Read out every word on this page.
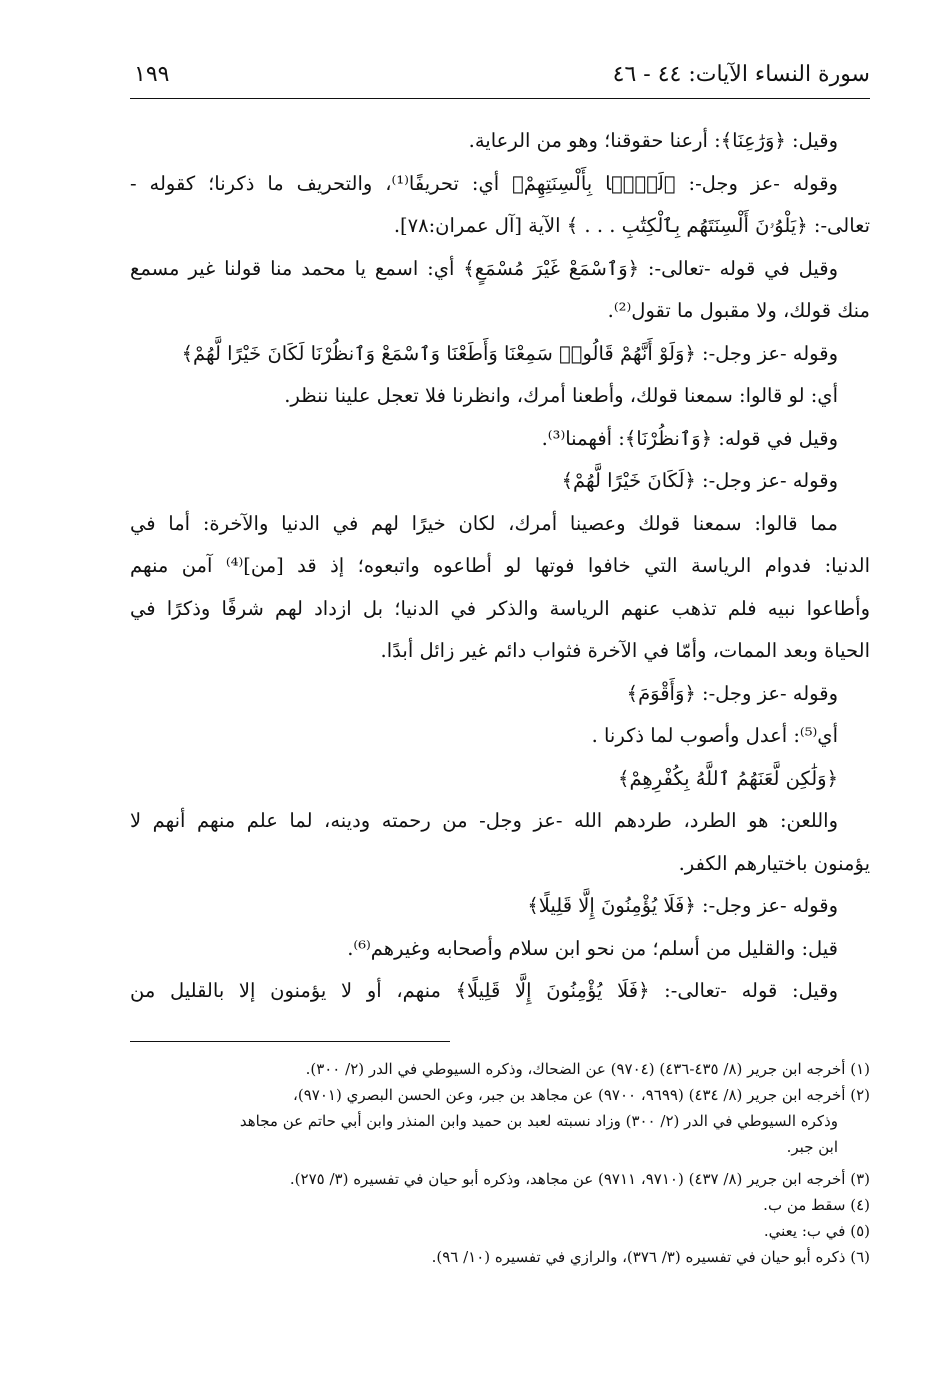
سورة النساء الآيات: ٤٤ - ٤٦
١٩٩
وقيل: ﴿وَرَٰعِنَا﴾: أرعنا حقوقنا؛ وهو من الرعاية.
وقوله -عز وجل-: ﴿لَيَّۢا بِأَلْسِنَتِهِمْ﴾ أي: تحريفًا⁽¹⁾، والتحريف ما ذكرنا؛ كقوله -
تعالى-: ﴿يَلْوُۥنَ أَلْسِنَتَهُم بِٱلْكِتَٰبِ . . . ﴾ الآية [آل عمران:٧٨].
وقيل في قوله -تعالى-: ﴿وَٱسْمَعْ غَيْرَ مُسْمَعٍ﴾ أي: اسمع يا محمد منا قولنا غير مسمع
منك قولك، ولا مقبول ما تقول⁽²⁾.
وقوله -عز وجل-: ﴿وَلَوْ أَنَّهُمْ قَالُوا۟ سَمِعْنَا وَأَطَعْنَا وَٱسْمَعْ وَٱنظُرْنَا لَكَانَ خَيْرًا لَّهُمْ﴾
أي: لو قالوا: سمعنا قولك، وأطعنا أمرك، وانظرنا فلا تعجل علينا ننظر.
وقيل في قوله: ﴿وَٱنظُرْنَا﴾: أفهمنا⁽³⁾.
وقوله -عز وجل-: ﴿لَكَانَ خَيْرًا لَّهُمْ﴾
مما قالوا: سمعنا قولك وعصينا أمرك، لكان خيرًا لهم في الدنيا والآخرة: أما في
الدنيا: فدوام الرياسة التي خافوا فوتها لو أطاعوه واتبعوه؛ إذ قد [من]⁽⁴⁾ آمن منهم
وأطاعوا نبيه فلم تذهب عنهم الرياسة والذكر في الدنيا؛ بل ازداد لهم شرفًا وذكرًا في
الحياة وبعد الممات، وأمّا في الآخرة فثواب دائم غير زائل أبدًا.
وقوله -عز وجل-: ﴿وَأَقْوَمَ﴾
أي⁽⁵⁾: أعدل وأصوب لما ذكرنا .
﴿وَلَٰكِن لَّعَنَهُمُ ٱللَّهُ بِكُفْرِهِمْ﴾
واللعن: هو الطرد، طردهم الله -عز وجل- من رحمته ودينه، لما علم منهم أنهم لا
يؤمنون باختيارهم الكفر.
وقوله -عز وجل-: ﴿فَلَا يُؤْمِنُونَ إِلَّا قَلِيلًا﴾
قيل: والقليل من أسلم؛ من نحو ابن سلام وأصحابه وغيرهم⁽⁶⁾.
وقيل: قوله -تعالى-: ﴿فَلَا يُؤْمِنُونَ إِلَّا قَلِيلًا﴾ منهم، أو لا يؤمنون إلا بالقليل من
(١) أخرجه ابن جرير (٨/ ٤٣٥-٤٣٦) (٩٧٠٤) عن الضحاك، وذكره السيوطي في الدر (٢/ ٣٠٠).
(٢) أخرجه ابن جرير (٨/ ٤٣٤) (٩٦٩٩، ٩٧٠٠) عن مجاهد بن جبر، وعن الحسن البصري (٩٧٠١)،
وذكره السيوطي في الدر (٢/ ٣٠٠) وزاد نسبته لعبد بن حميد وابن المنذر وابن أبي حاتم عن مجاهد
ابن جبر.
(٣) أخرجه ابن جرير (٨/ ٤٣٧) (٩٧١٠، ٩٧١١) عن مجاهد، وذكره أبو حيان في تفسيره (٣/ ٢٧٥).
(٤) سقط من ب.
(٥) في ب: يعني.
(٦) ذكره أبو حيان في تفسيره (٣/ ٣٧٦)، والرازي في تفسيره (١٠/ ٩٦).
